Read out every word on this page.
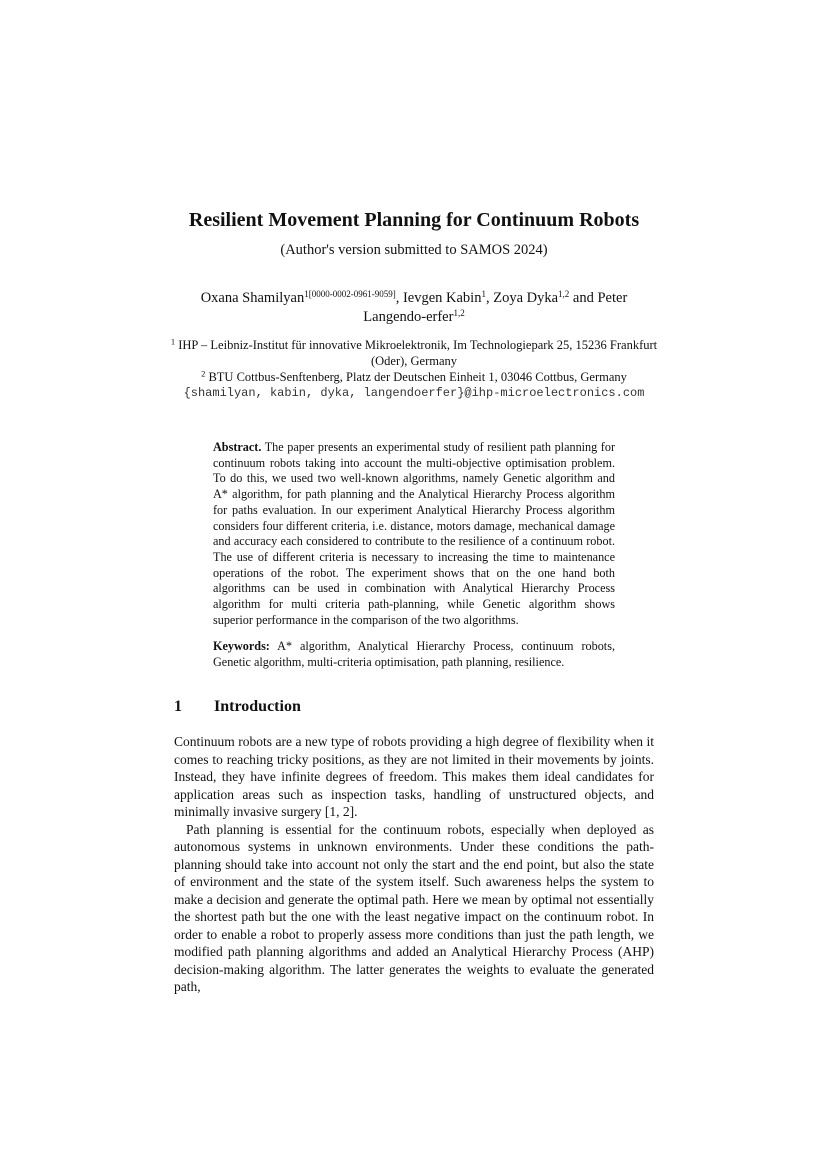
Resilient Movement Planning for Continuum Robots
(Author's version submitted to SAMOS 2024)
Oxana Shamilyan$^{1[0000-0002-0961-9059]}$, Ievgen Kabin$^1$, Zoya Dyka$^{1,2}$ and Peter Langendo-erfer$^{1,2}$
$^1$ IHP – Leibniz-Institut für innovative Mikroelektronik, Im Technologiepark 25, 15236 Frankfurt (Oder), Germany
$^2$ BTU Cottbus-Senftenberg, Platz der Deutschen Einheit 1, 03046 Cottbus, Germany
{shamilyan, kabin, dyka, langendoerfer}@ihp-microelectronics.com
Abstract. The paper presents an experimental study of resilient path planning for continuum robots taking into account the multi-objective optimisation problem. To do this, we used two well-known algorithms, namely Genetic algorithm and A* algorithm, for path planning and the Analytical Hierarchy Process algorithm for paths evaluation. In our experiment Analytical Hierarchy Process algorithm considers four different criteria, i.e. distance, motors damage, mechanical damage and accuracy each considered to contribute to the resilience of a continuum robot. The use of different criteria is necessary to increasing the time to maintenance operations of the robot. The experiment shows that on the one hand both algorithms can be used in combination with Analytical Hierarchy Process algorithm for multi criteria path-planning, while Genetic algorithm shows superior performance in the comparison of the two algorithms.
Keywords: A* algorithm, Analytical Hierarchy Process, continuum robots, Genetic algorithm, multi-criteria optimisation, path planning, resilience.
1 Introduction

Continuum robots are a new type of robots providing a high degree of flexibility when it comes to reaching tricky positions, as they are not limited in their movements by joints. Instead, they have infinite degrees of freedom. This makes them ideal candidates for application areas such as inspection tasks, handling of unstructured objects, and minimally invasive surgery [1, 2].

Path planning is essential for the continuum robots, especially when deployed as autonomous systems in unknown environments. Under these conditions the path-planning should take into account not only the start and the end point, but also the state of environment and the state of the system itself. Such awareness helps the system to make a decision and generate the optimal path. Here we mean by optimal not essentially the shortest path but the one with the least negative impact on the continuum robot. In order to enable a robot to properly assess more conditions than just the path length, we modified path planning algorithms and added an Analytical Hierarchy Process (AHP) decision-making algorithm. The latter generates the weights to evaluate the generated path,
